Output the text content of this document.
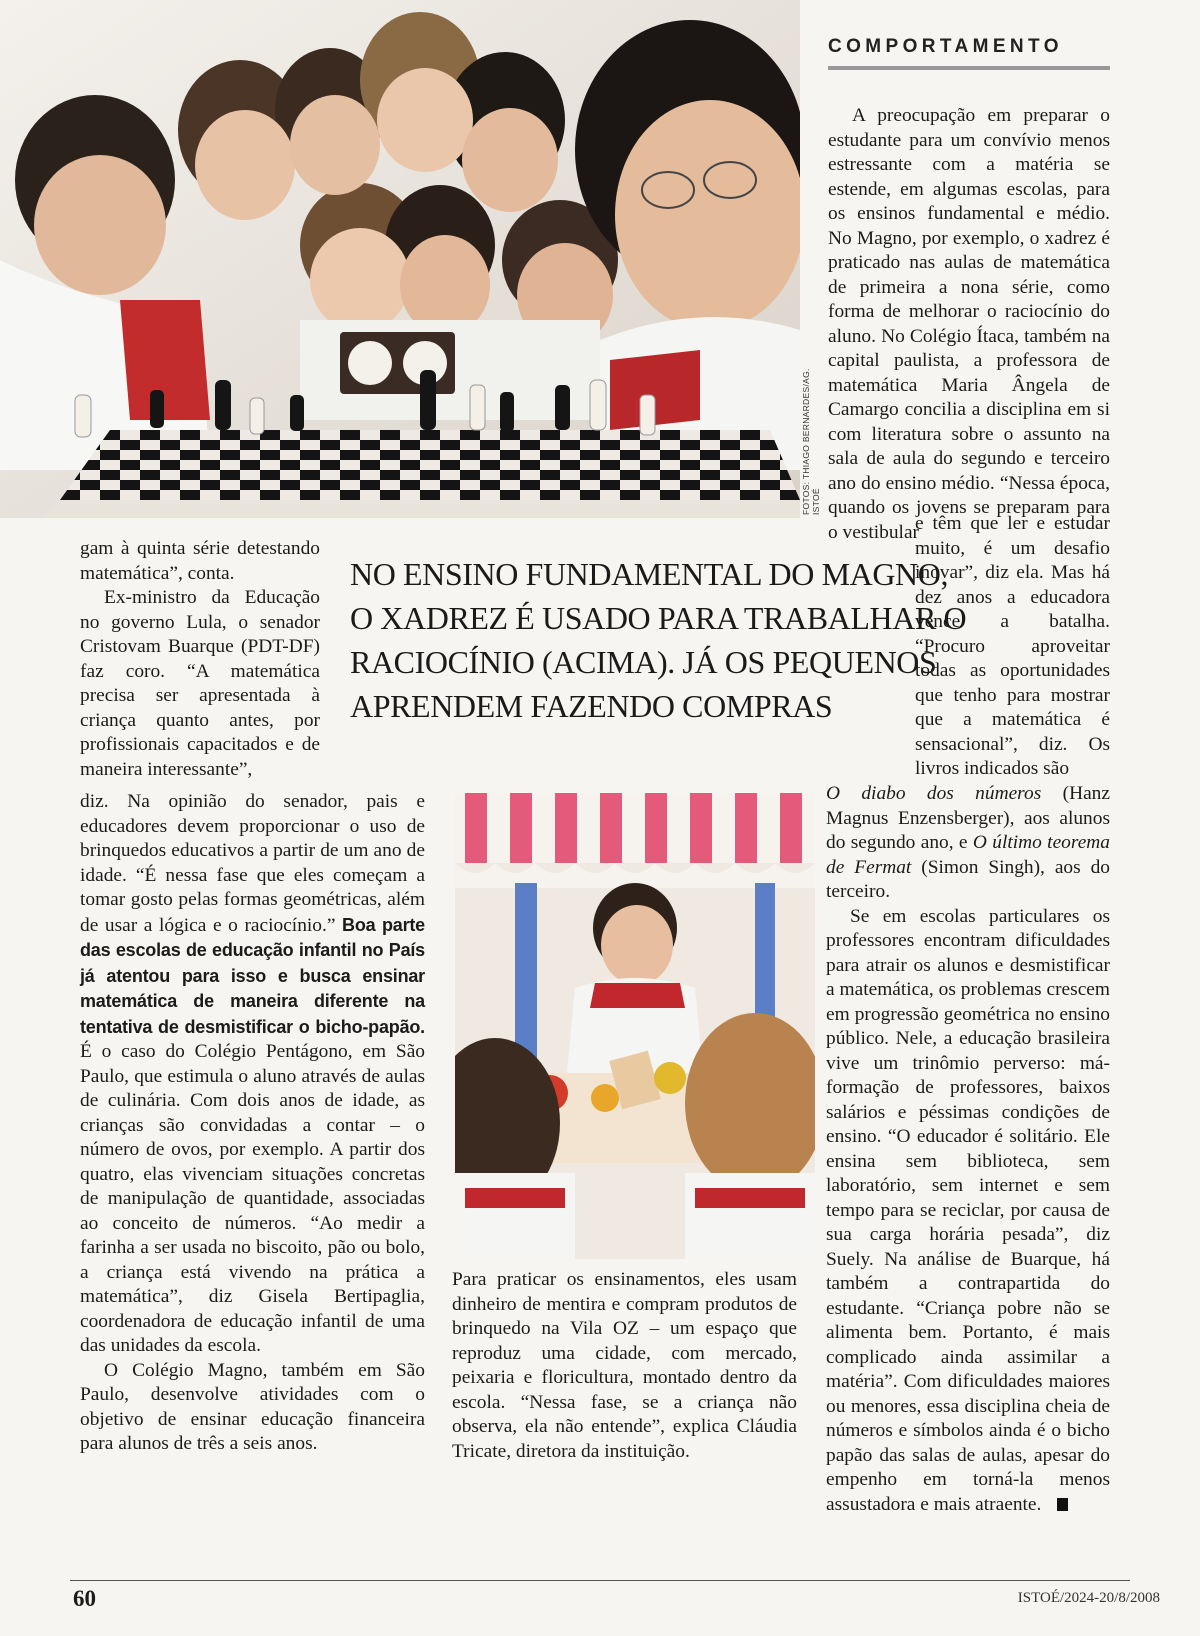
FOTOS: THIAGO BERNARDES/AG. ISTOÉ
COMPORTAMENTO

A preocupação em preparar o estudante para um convívio menos estressante com a matéria se estende, em algumas escolas, para os ensinos fundamental e médio. No Magno, por exemplo, o xadrez é praticado nas aulas de matemática de primeira a nona série, como forma de melhorar o raciocínio do aluno. No Colégio Ítaca, também na capital paulista, a professora de matemática Maria Ângela de Camargo concilia a disciplina em si com literatura sobre o assunto na sala de aula do segundo e terceiro ano do ensino médio. “Nessa época, quando os jovens se preparam para o vestibular

NO ENSINO FUNDAMENTAL DO MAGNO,
O XADREZ É USADO PARA TRABALHAR O
RACIOCÍNIO (ACIMA). JÁ OS PEQUENOS
APRENDEM FAZENDO COMPRAS

e têm que ler e estudar muito, é um desafio inovar”, diz ela. Mas há dez anos a educadora vence a batalha. “Procuro aproveitar todas as oportunidades que tenho para mostrar que a matemática é sensacional”, diz. Os livros indicados são

O diabo dos números (Hanz Magnus Enzensberger), aos alunos do segundo ano, e O último teorema de Fermat (Simon Singh), aos do terceiro.

Se em escolas particulares os professores encontram dificuldades para atrair os alunos e desmistificar a matemática, os problemas crescem em progressão geométrica no ensino público. Nele, a educação brasileira vive um trinômio perverso: má-formação de professores, baixos salários e péssimas condições de ensino. “O educador é solitário. Ele ensina sem biblioteca, sem laboratório, sem internet e sem tempo para se reciclar, por causa de sua carga horária pesada”, diz Suely. Na análise de Buarque, há também a contrapartida do estudante. “Criança pobre não se alimenta bem. Portanto, é mais complicado ainda assimilar a matéria”. Com dificuldades maiores ou menores, essa disciplina cheia de números e símbolos ainda é o bicho papão das salas de aulas, apesar do empenho em torná-la menos assustadora e mais atraente.

gam à quinta série detestando matemática”, conta.

Ex-ministro da Educação no governo Lula, o senador Cristovam Buarque (PDT-DF) faz coro. “A matemática precisa ser apresentada à criança quanto antes, por profissionais capacitados e de maneira interessante”,

diz. Na opinião do senador, pais e educadores devem proporcionar o uso de brinquedos educativos a partir de um ano de idade. “É nessa fase que eles começam a tomar gosto pelas formas geométricas, além de usar a lógica e o raciocínio.” Boa parte das escolas de educação infantil no País já atentou para isso e busca ensinar matemática de maneira diferente na tentativa de desmistificar o bicho-papão. É o caso do Colégio Pentágono, em São Paulo, que estimula o aluno através de aulas de culinária. Com dois anos de idade, as crianças são convidadas a contar – o número de ovos, por exemplo. A partir dos quatro, elas vivenciam situações concretas de manipulação de quantidade, associadas ao conceito de números. “Ao medir a farinha a ser usada no biscoito, pão ou bolo, a criança está vivendo na prática a matemática”, diz Gisela Bertipaglia, coordenadora de educação infantil de uma das unidades da escola.

O Colégio Magno, também em São Paulo, desenvolve atividades com o objetivo de ensinar educação financeira para alunos de três a seis anos.

Para praticar os ensinamentos, eles usam dinheiro de mentira e compram produtos de brinquedo na Vila OZ – um espaço que reproduz uma cidade, com mercado, peixaria e floricultura, montado dentro da escola. “Nessa fase, se a criança não observa, ela não entende”, explica Cláudia Tricate, diretora da instituição.

60	ISTOÉ/2024-20/8/2008
